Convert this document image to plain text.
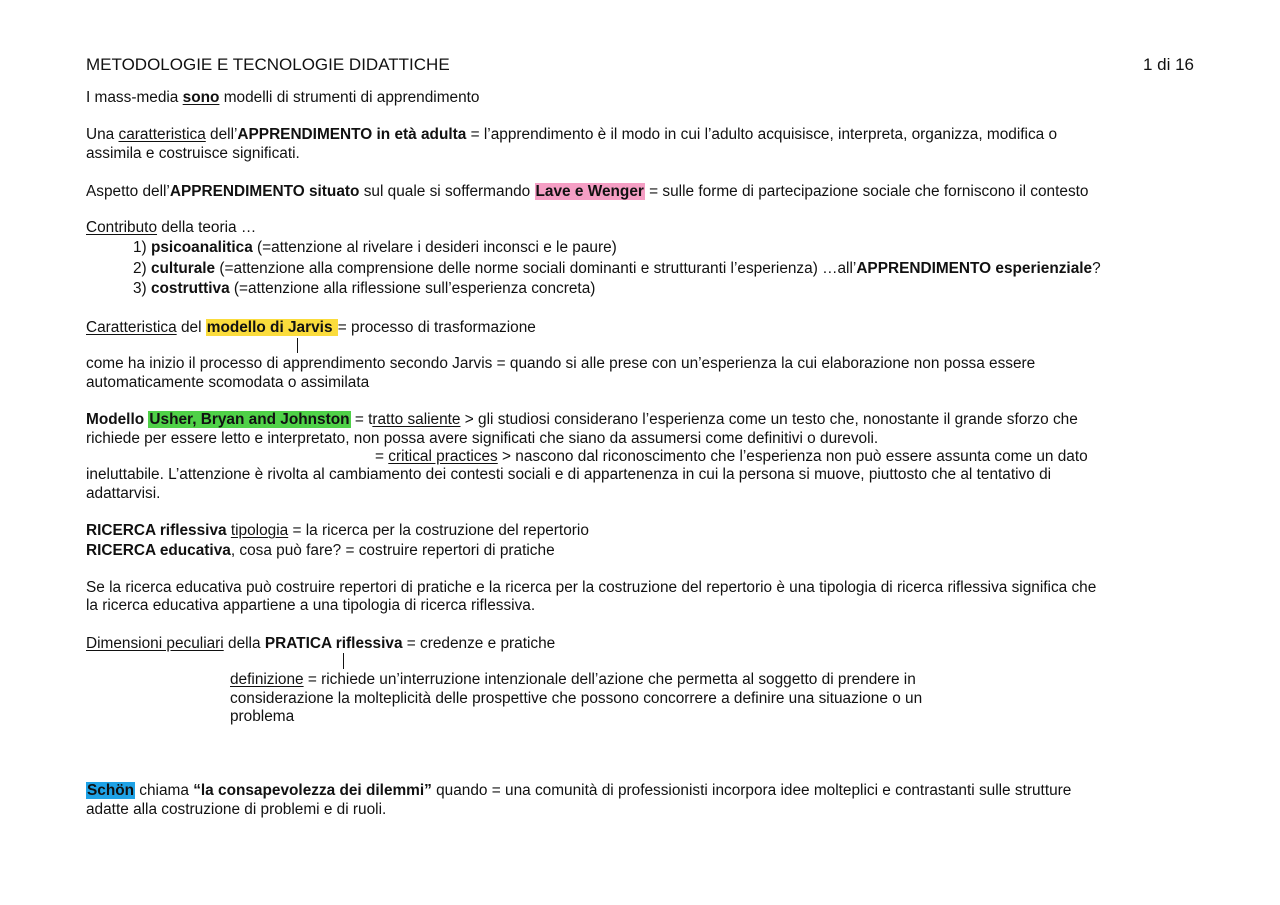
METODOLOGIE E TECNOLOGIE DIDATTICHE	1 di 16
I mass-media sono modelli di strumenti di apprendimento
Una caratteristica dell’APPRENDIMENTO in età adulta = l’apprendimento è il modo in cui l’adulto acquisisce, interpreta, organizza, modifica o
assimila e costruisce significati.
Aspetto dell’APPRENDIMENTO situato sul quale si soffermando Lave e Wenger = sulle forme di partecipazione sociale che forniscono il contesto
Contributo della teoria …
1) psicoanalitica (=attenzione al rivelare i desideri inconsci e le paure)
2) culturale (=attenzione alla comprensione delle norme sociali dominanti e strutturanti l’esperienza) …all’APPRENDIMENTO esperienziale?
3) costruttiva (=attenzione alla riflessione sull’esperienza concreta)
Caratteristica del modello di Jarvis = processo di trasformazione
come ha inizio il processo di apprendimento secondo Jarvis = quando si alle prese con un’esperienza la cui elaborazione non possa essere
automaticamente scomodata o assimilata
Modello Usher, Bryan and Johnston = tratto saliente > gli studiosi considerano l’esperienza come un testo che, nonostante il grande sforzo che
richiede per essere letto e interpretato, non possa avere significati che siano da assumersi come definitivi o durevoli.
= critical practices > nascono dal riconoscimento che l’esperienza non può essere assunta come un dato
ineluttabile. L’attenzione è rivolta al cambiamento dei contesti sociali e di appartenenza in cui la persona si muove, piuttosto che al tentativo di
adattarvisi.
RICERCA riflessiva tipologia = la ricerca per la costruzione del repertorio
RICERCA educativa, cosa può fare? = costruire repertori di pratiche
Se la ricerca educativa può costruire repertori di pratiche e la ricerca per la costruzione del repertorio è una tipologia di ricerca riflessiva significa che
la ricerca educativa appartiene a una tipologia di ricerca riflessiva.
Dimensioni peculiari della PRATICA riflessiva = credenze e pratiche
definizione = richiede un’interruzione intenzionale dell’azione che permetta al soggetto di prendere in
considerazione la molteplicità delle prospettive che possono concorrere a definire una situazione o un
problema
Schön chiama “la consapevolezza dei dilemmi” quando = una comunità di professionisti incorpora idee molteplici e contrastanti sulle strutture
adatte alla costruzione di problemi e di ruoli.
